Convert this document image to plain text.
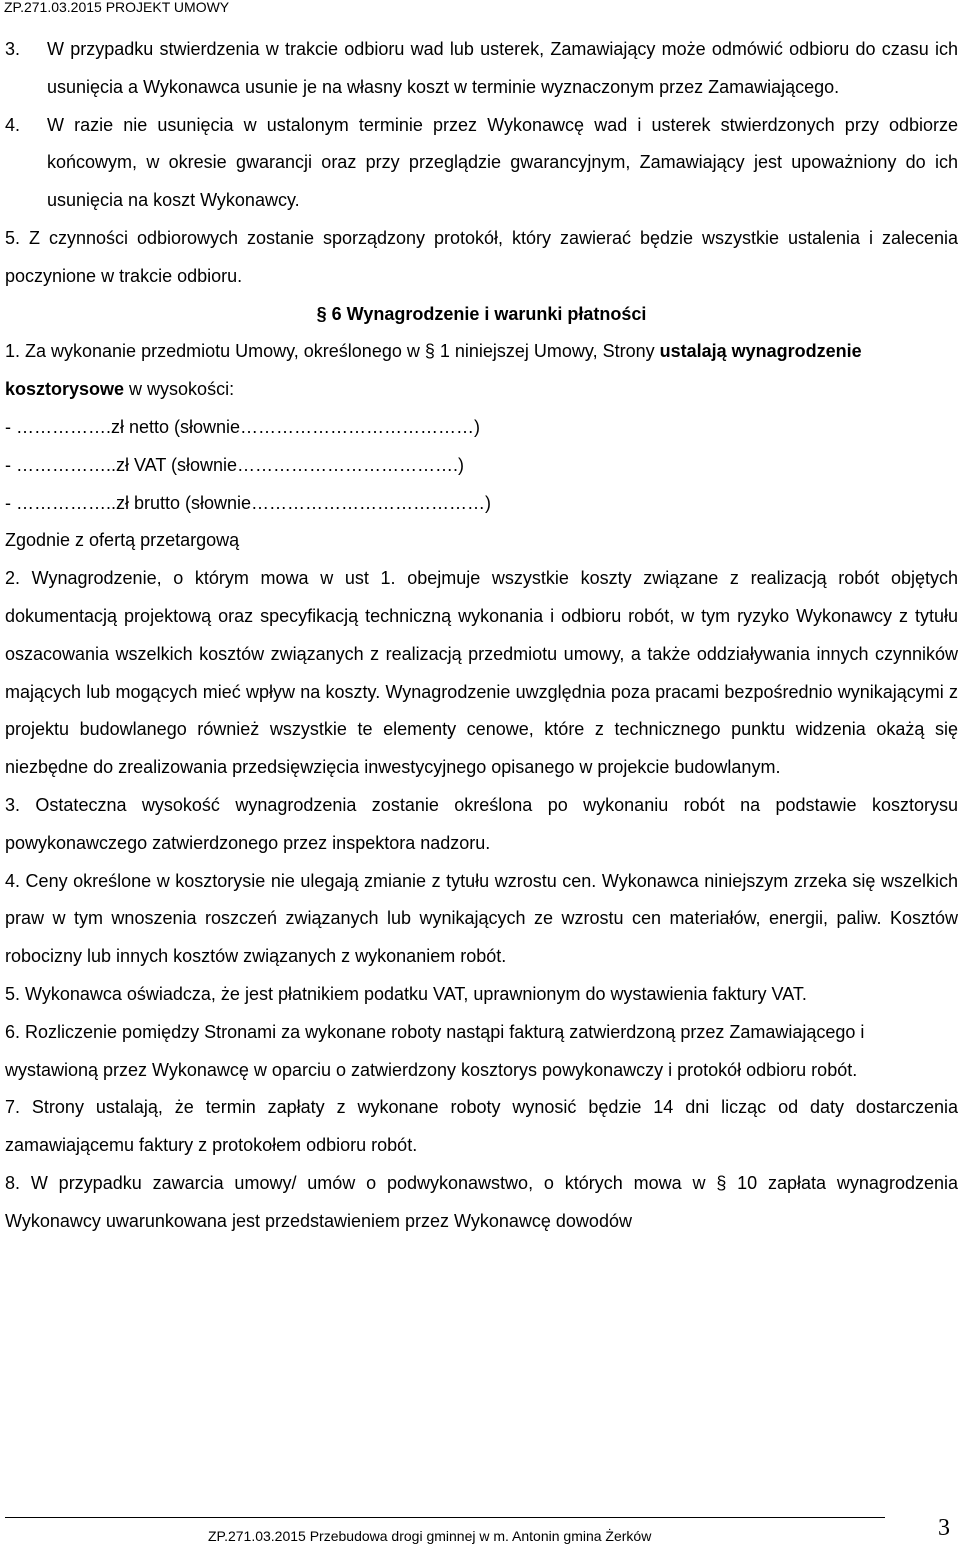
ZP.271.03.2015 PROJEKT UMOWY
3.	W przypadku stwierdzenia w trakcie odbioru wad lub usterek, Zamawiający może odmówić odbioru do czasu ich usunięcia a Wykonawca usunie je na własny koszt w terminie wyznaczonym przez Zamawiającego.
4.	W razie nie usunięcia w ustalonym terminie przez Wykonawcę wad i usterek stwierdzonych przy odbiorze końcowym, w okresie gwarancji oraz przy przeglądzie gwarancyjnym, Zamawiający jest upoważniony do ich usunięcia na koszt Wykonawcy.

5. Z czynności odbiorowych zostanie sporządzony protokół, który zawierać będzie wszystkie ustalenia i zalecenia poczynione w trakcie odbioru.

§ 6 Wynagrodzenie i warunki płatności

1. Za wykonanie przedmiotu Umowy, określonego w § 1 niniejszej Umowy, Strony ustalają wynagrodzenie kosztorysowe w wysokości:

- …………….zł netto (słownie…………………………………)

- ……………..zł VAT (słownie……………………………….)

- ……………..zł brutto (słownie…………………………………)

Zgodnie z ofertą przetargową

2. Wynagrodzenie, o którym mowa w ust 1. obejmuje wszystkie koszty związane z realizacją robót objętych dokumentacją projektową oraz specyfikacją techniczną wykonania i odbioru robót, w tym ryzyko Wykonawcy z tytułu oszacowania wszelkich kosztów związanych z realizacją przedmiotu umowy, a także oddziaływania innych czynników mających lub mogących mieć wpływ na koszty. Wynagrodzenie uwzględnia poza pracami bezpośrednio wynikającymi z projektu budowlanego również wszystkie te elementy cenowe, które z technicznego punktu widzenia okażą się niezbędne do zrealizowania przedsięwzięcia inwestycyjnego opisanego w projekcie budowlanym.

3. Ostateczna wysokość wynagrodzenia zostanie określona po wykonaniu robót na podstawie kosztorysu powykonawczego zatwierdzonego przez inspektora nadzoru.

4. Ceny określone w kosztorysie nie ulegają zmianie z tytułu wzrostu cen. Wykonawca niniejszym zrzeka się wszelkich praw w tym wnoszenia roszczeń związanych lub wynikających ze wzrostu cen materiałów, energii, paliw. Kosztów robocizny lub innych kosztów związanych z wykonaniem robót.

5. Wykonawca oświadcza, że jest płatnikiem podatku VAT, uprawnionym do wystawienia faktury VAT.

6. Rozliczenie pomiędzy Stronami za wykonane roboty nastąpi fakturą zatwierdzoną przez Zamawiającego i wystawioną przez Wykonawcę w oparciu o zatwierdzony kosztorys powykonawczy i protokół odbioru robót.

7. Strony ustalają, że termin zapłaty z wykonane roboty wynosić będzie 14 dni licząc od daty dostarczenia zamawiającemu faktury z protokołem odbioru robót.

8. W przypadku zawarcia umowy/ umów o podwykonawstwo, o których mowa w § 10 zapłata wynagrodzenia Wykonawcy uwarunkowana jest przedstawieniem przez Wykonawcę dowodów

ZP.271.03.2015 Przebudowa drogi gminnej w m. Antonin gmina Żerków	3
